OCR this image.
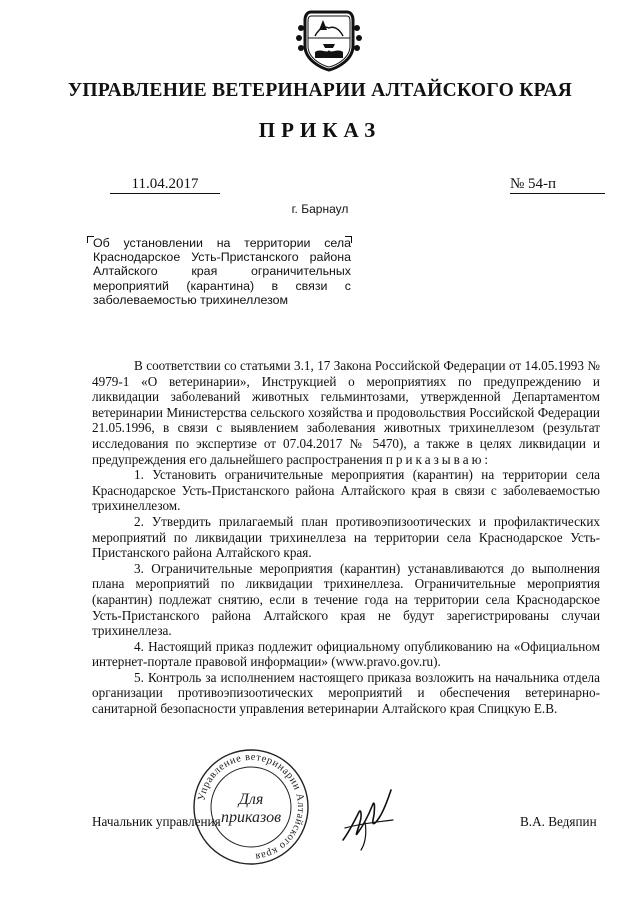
УПРАВЛЕНИЕ ВЕТЕРИНАРИИ АЛТАЙСКОГО КРАЯ
ПРИКАЗ
11.04.2017	№ 54-п
г. Барнаул
Об установлении на территории села Краснодарское Усть-Пристанского района Алтайского края ограничительных мероприятий (карантина) в связи с заболеваемостью трихинеллезом

В соответствии со статьями 3.1, 17 Закона Российской Федерации от 14.05.1993 № 4979-1 «О ветеринарии», Инструкцией о мероприятиях по предупреждению и ликвидации заболеваний животных гельминтозами, утвержденной Департаментом ветеринарии Министерства сельского хозяйства и продовольствия Российской Федерации 21.05.1996, в связи с выявлением заболевания животных трихинеллезом (результат исследования по экспертизе от 07.04.2017 № 5470), а также в целях ликвидации и предупреждения его дальнейшего распространения приказываю:

1. Установить ограничительные мероприятия (карантин) на территории села Краснодарское Усть-Пристанского района Алтайского края в связи с заболеваемостью трихинеллезом.

2. Утвердить прилагаемый план противоэпизоотических и профилактических мероприятий по ликвидации трихинеллеза на территории села Краснодарское Усть-Пристанского района Алтайского края.

3. Ограничительные мероприятия (карантин) устанавливаются до выполнения плана мероприятий по ликвидации трихинеллеза. Ограничительные мероприятия (карантин) подлежат снятию, если в течение года на территории села Краснодарское Усть-Пристанского района Алтайского края не будут зарегистрированы случаи трихинеллеза.

4. Настоящий приказ подлежит официальному опубликованию на «Официальном интернет-портале правовой информации» (www.pravo.gov.ru).

5. Контроль за исполнением настоящего приказа возложить на начальника отдела организации противоэпизоотических мероприятий и обеспечения ветеринарно-санитарной безопасности управления ветеринарии Алтайского края Спицкую Е.В.

Начальник управления
Управление ветеринарии Алтайского края
Для
приказов	В.А. Ведяпин
